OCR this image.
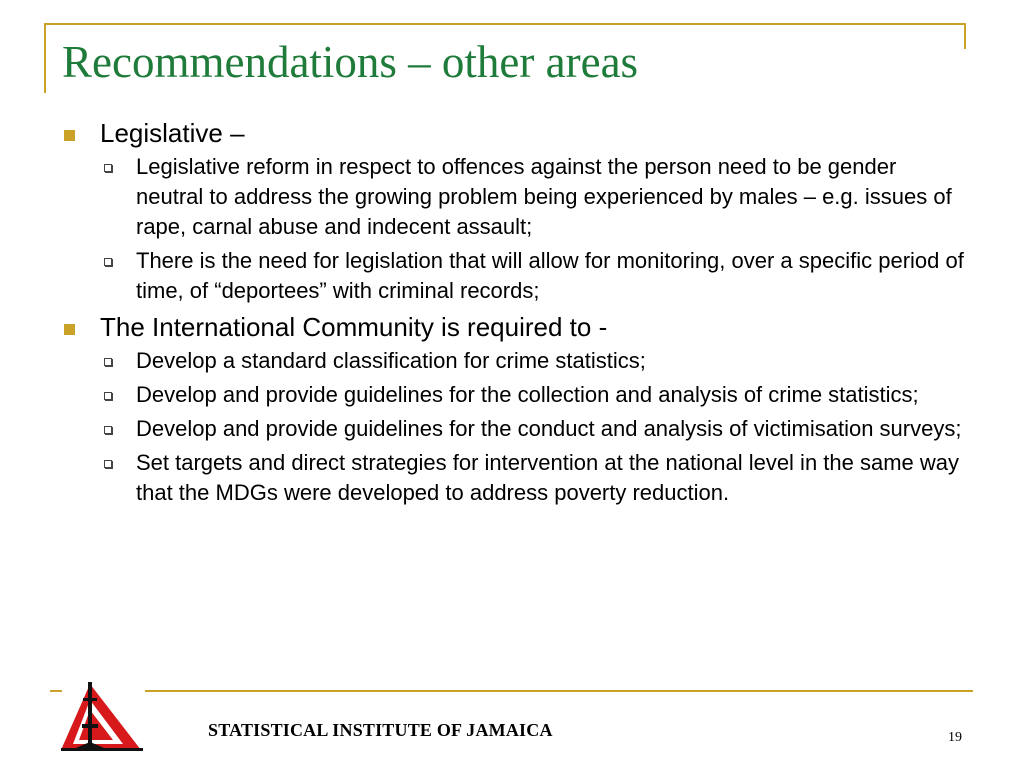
Recommendations – other areas
Legislative –
Legislative reform in respect to offences against the person need to be gender neutral to address the growing problem being experienced by males – e.g. issues of rape, carnal abuse and indecent assault;
There is the need for legislation that will allow for monitoring, over a specific period of time, of “deportees” with criminal records;
The International Community is required to -
Develop a standard classification for crime statistics;
Develop and provide guidelines for the collection and analysis of crime statistics;
Develop and provide guidelines for the conduct and analysis of victimisation surveys;
Set targets and direct strategies for intervention at the national level in the same way that the MDGs were developed to address poverty reduction.

STATISTICAL INSTITUTE OF JAMAICA	19
